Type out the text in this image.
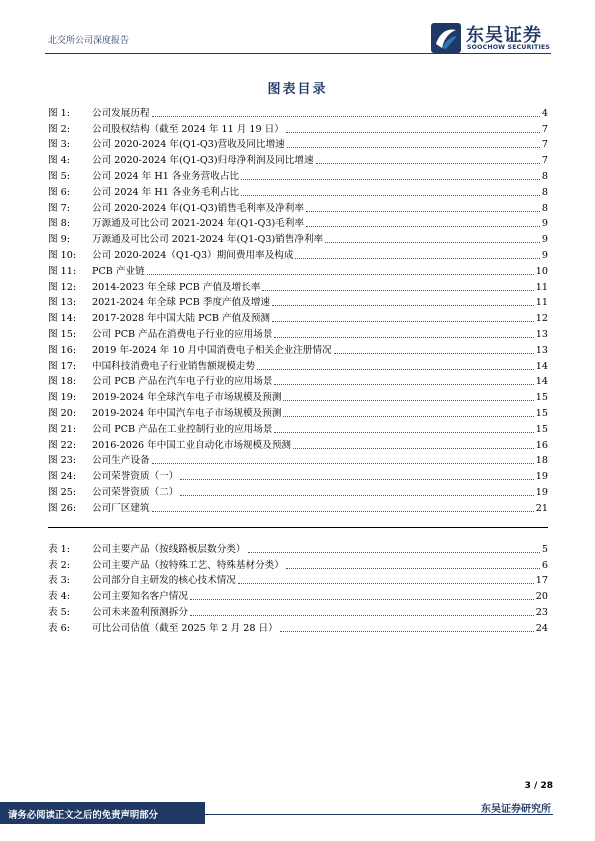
北交所公司深度报告	东吴证券
SOOCHOW SECURITIES
图表目录
图 1:	公司发展历程	4
图 2:	公司股权结构（截至 2024 年 11 月 19 日）	7
图 3:	公司 2020-2024 年(Q1-Q3)营收及同比增速	7
图 4:	公司 2020-2024 年(Q1-Q3)归母净利润及同比增速	7
图 5:	公司 2024 年 H1 各业务营收占比	8
图 6:	公司 2024 年 H1 各业务毛利占比	8
图 7:	公司 2020-2024 年(Q1-Q3)销售毛利率及净利率	8
图 8:	万源通及可比公司 2021-2024 年(Q1-Q3)毛利率	9
图 9:	万源通及可比公司 2021-2024 年(Q1-Q3)销售净利率	9
图 10:	公司 2020-2024（Q1-Q3）期间费用率及构成	9
图 11:	PCB 产业链	10
图 12:	2014-2023 年全球 PCB 产值及增长率	11
图 13:	2021-2024 年全球 PCB 季度产值及增速	11
图 14:	2017-2028 年中国大陆 PCB 产值及预测	12
图 15:	公司 PCB 产品在消费电子行业的应用场景	13
图 16:	2019 年-2024 年 10 月中国消费电子相关企业注册情况	13
图 17:	中国科技消费电子行业销售额规模走势	14
图 18:	公司 PCB 产品在汽车电子行业的应用场景	14
图 19:	2019-2024 年全球汽车电子市场规模及预测	15
图 20:	2019-2024 年中国汽车电子市场规模及预测	15
图 21:	公司 PCB 产品在工业控制行业的应用场景	15
图 22:	2016-2026 年中国工业自动化市场规模及预测	16
图 23:	公司生产设备	18
图 24:	公司荣誉资质（一）	19
图 25:	公司荣誉资质（二）	19
图 26:	公司厂区建筑	21
表 1:	公司主要产品（按线路板层数分类）	5
表 2:	公司主要产品（按特殊工艺、特殊基材分类）	6
表 3:	公司部分自主研发的核心技术情况	17
表 4:	公司主要知名客户情况	20
表 5:	公司未来盈利预测拆分	23
表 6:	可比公司估值（截至 2025 年 2 月 28 日）	24
3 / 28
请务必阅读正文之后的免责声明部分
东吴证券研究所
